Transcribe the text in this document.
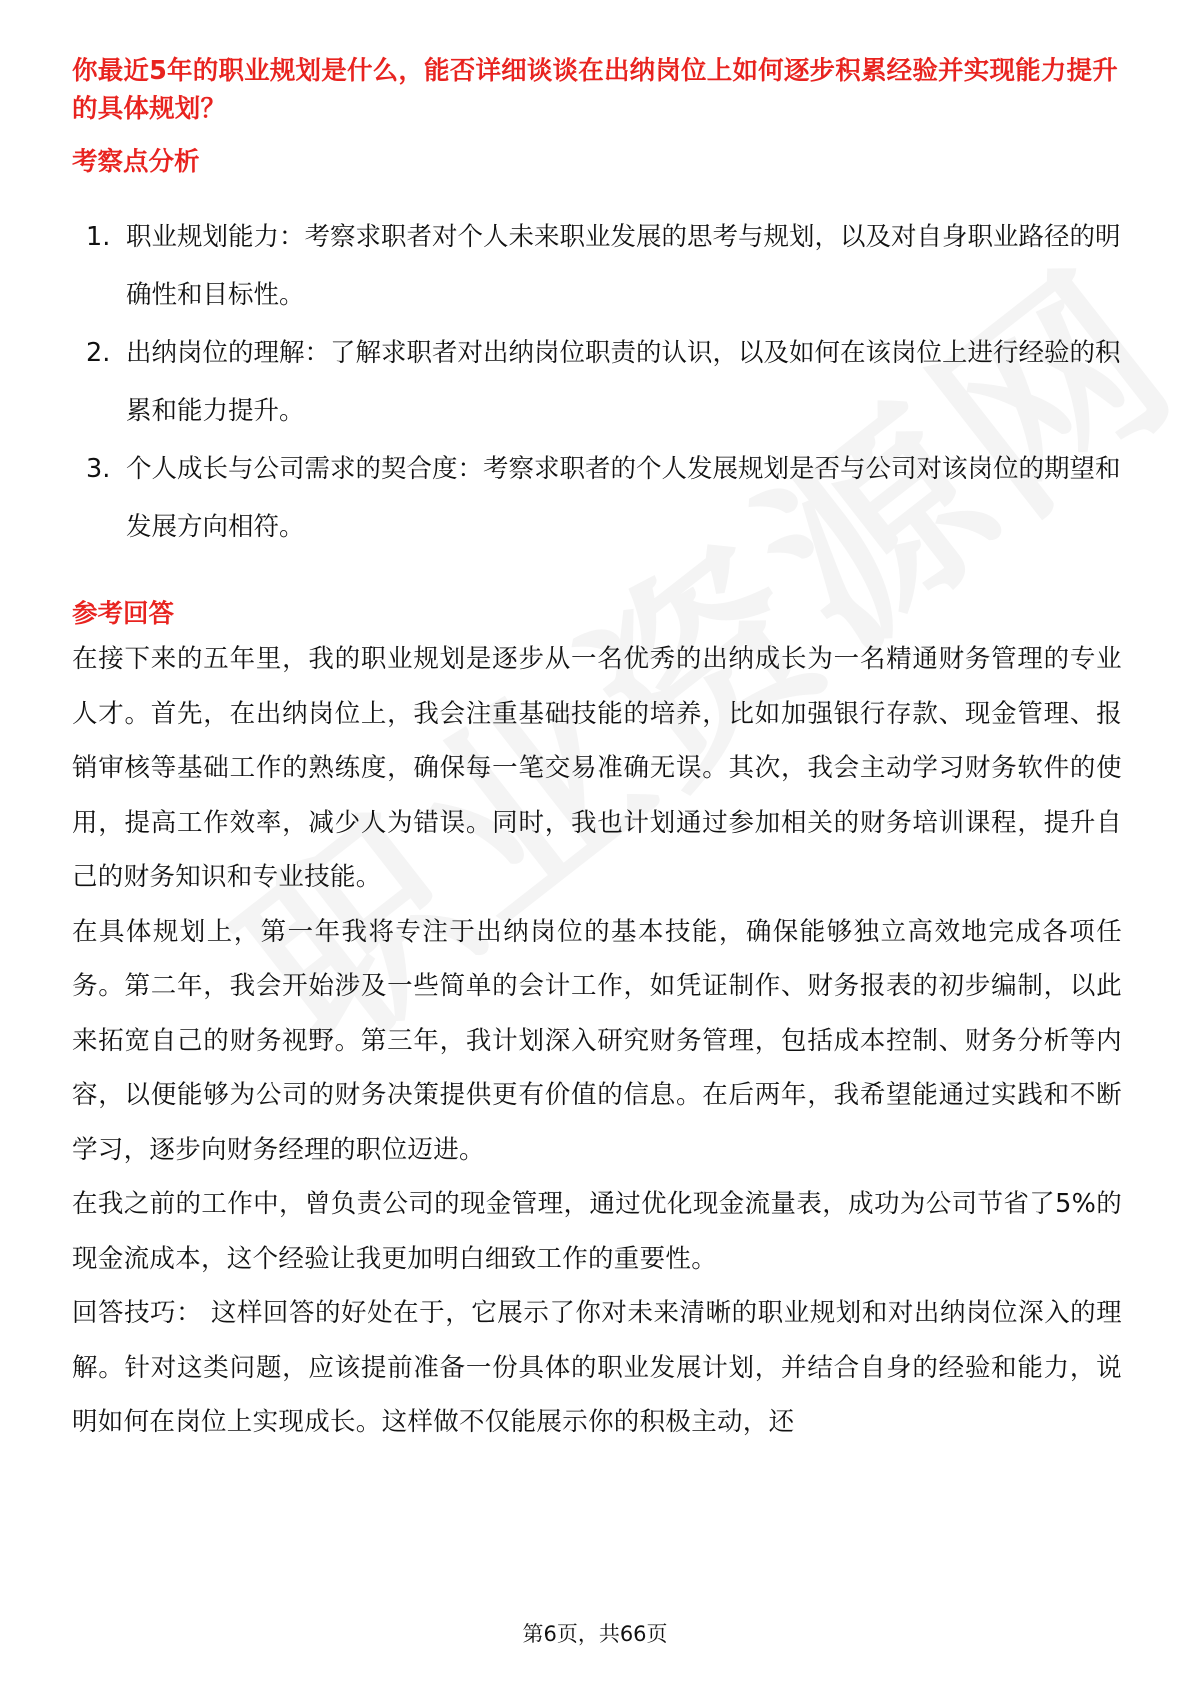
你最近5年的职业规划是什么，能否详细谈谈在出纳岗位上如何逐步积累经验并实现能力提升的具体规划？

考察点分析
1. 职业规划能力：考察求职者对个人未来职业发展的思考与规划，以及对自身职业路径的明确性和目标性。
2. 出纳岗位的理解：了解求职者对出纳岗位职责的认识，以及如何在该岗位上进行经验的积累和能力提升。
3. 个人成长与公司需求的契合度：考察求职者的个人发展规划是否与公司对该岗位的期望和发展方向相符。
参考回答

在接下来的五年里，我的职业规划是逐步从一名优秀的出纳成长为一名精通财务管理的专业人才。首先，在出纳岗位上，我会注重基础技能的培养，比如加强银行存款、现金管理、报销审核等基础工作的熟练度，确保每一笔交易准确无误。其次，我会主动学习财务软件的使用，提高工作效率，减少人为错误。同时，我也计划通过参加相关的财务培训课程，提升自己的财务知识和专业技能。

在具体规划上，第一年我将专注于出纳岗位的基本技能，确保能够独立高效地完成各项任务。第二年，我会开始涉及一些简单的会计工作，如凭证制作、财务报表的初步编制，以此来拓宽自己的财务视野。第三年，我计划深入研究财务管理，包括成本控制、财务分析等内容，以便能够为公司的财务决策提供更有价值的信息。在后两年，我希望能通过实践和不断学习，逐步向财务经理的职位迈进。

在我之前的工作中，曾负责公司的现金管理，通过优化现金流量表，成功为公司节省了5%的现金流成本，这个经验让我更加明白细致工作的重要性。

回答技巧： 这样回答的好处在于，它展示了你对未来清晰的职业规划和对出纳岗位深入的理解。针对这类问题，应该提前准备一份具体的职业发展计划，并结合自身的经验和能力，说明如何在岗位上实现成长。这样做不仅能展示你的积极主动，还

第6页，共66页
